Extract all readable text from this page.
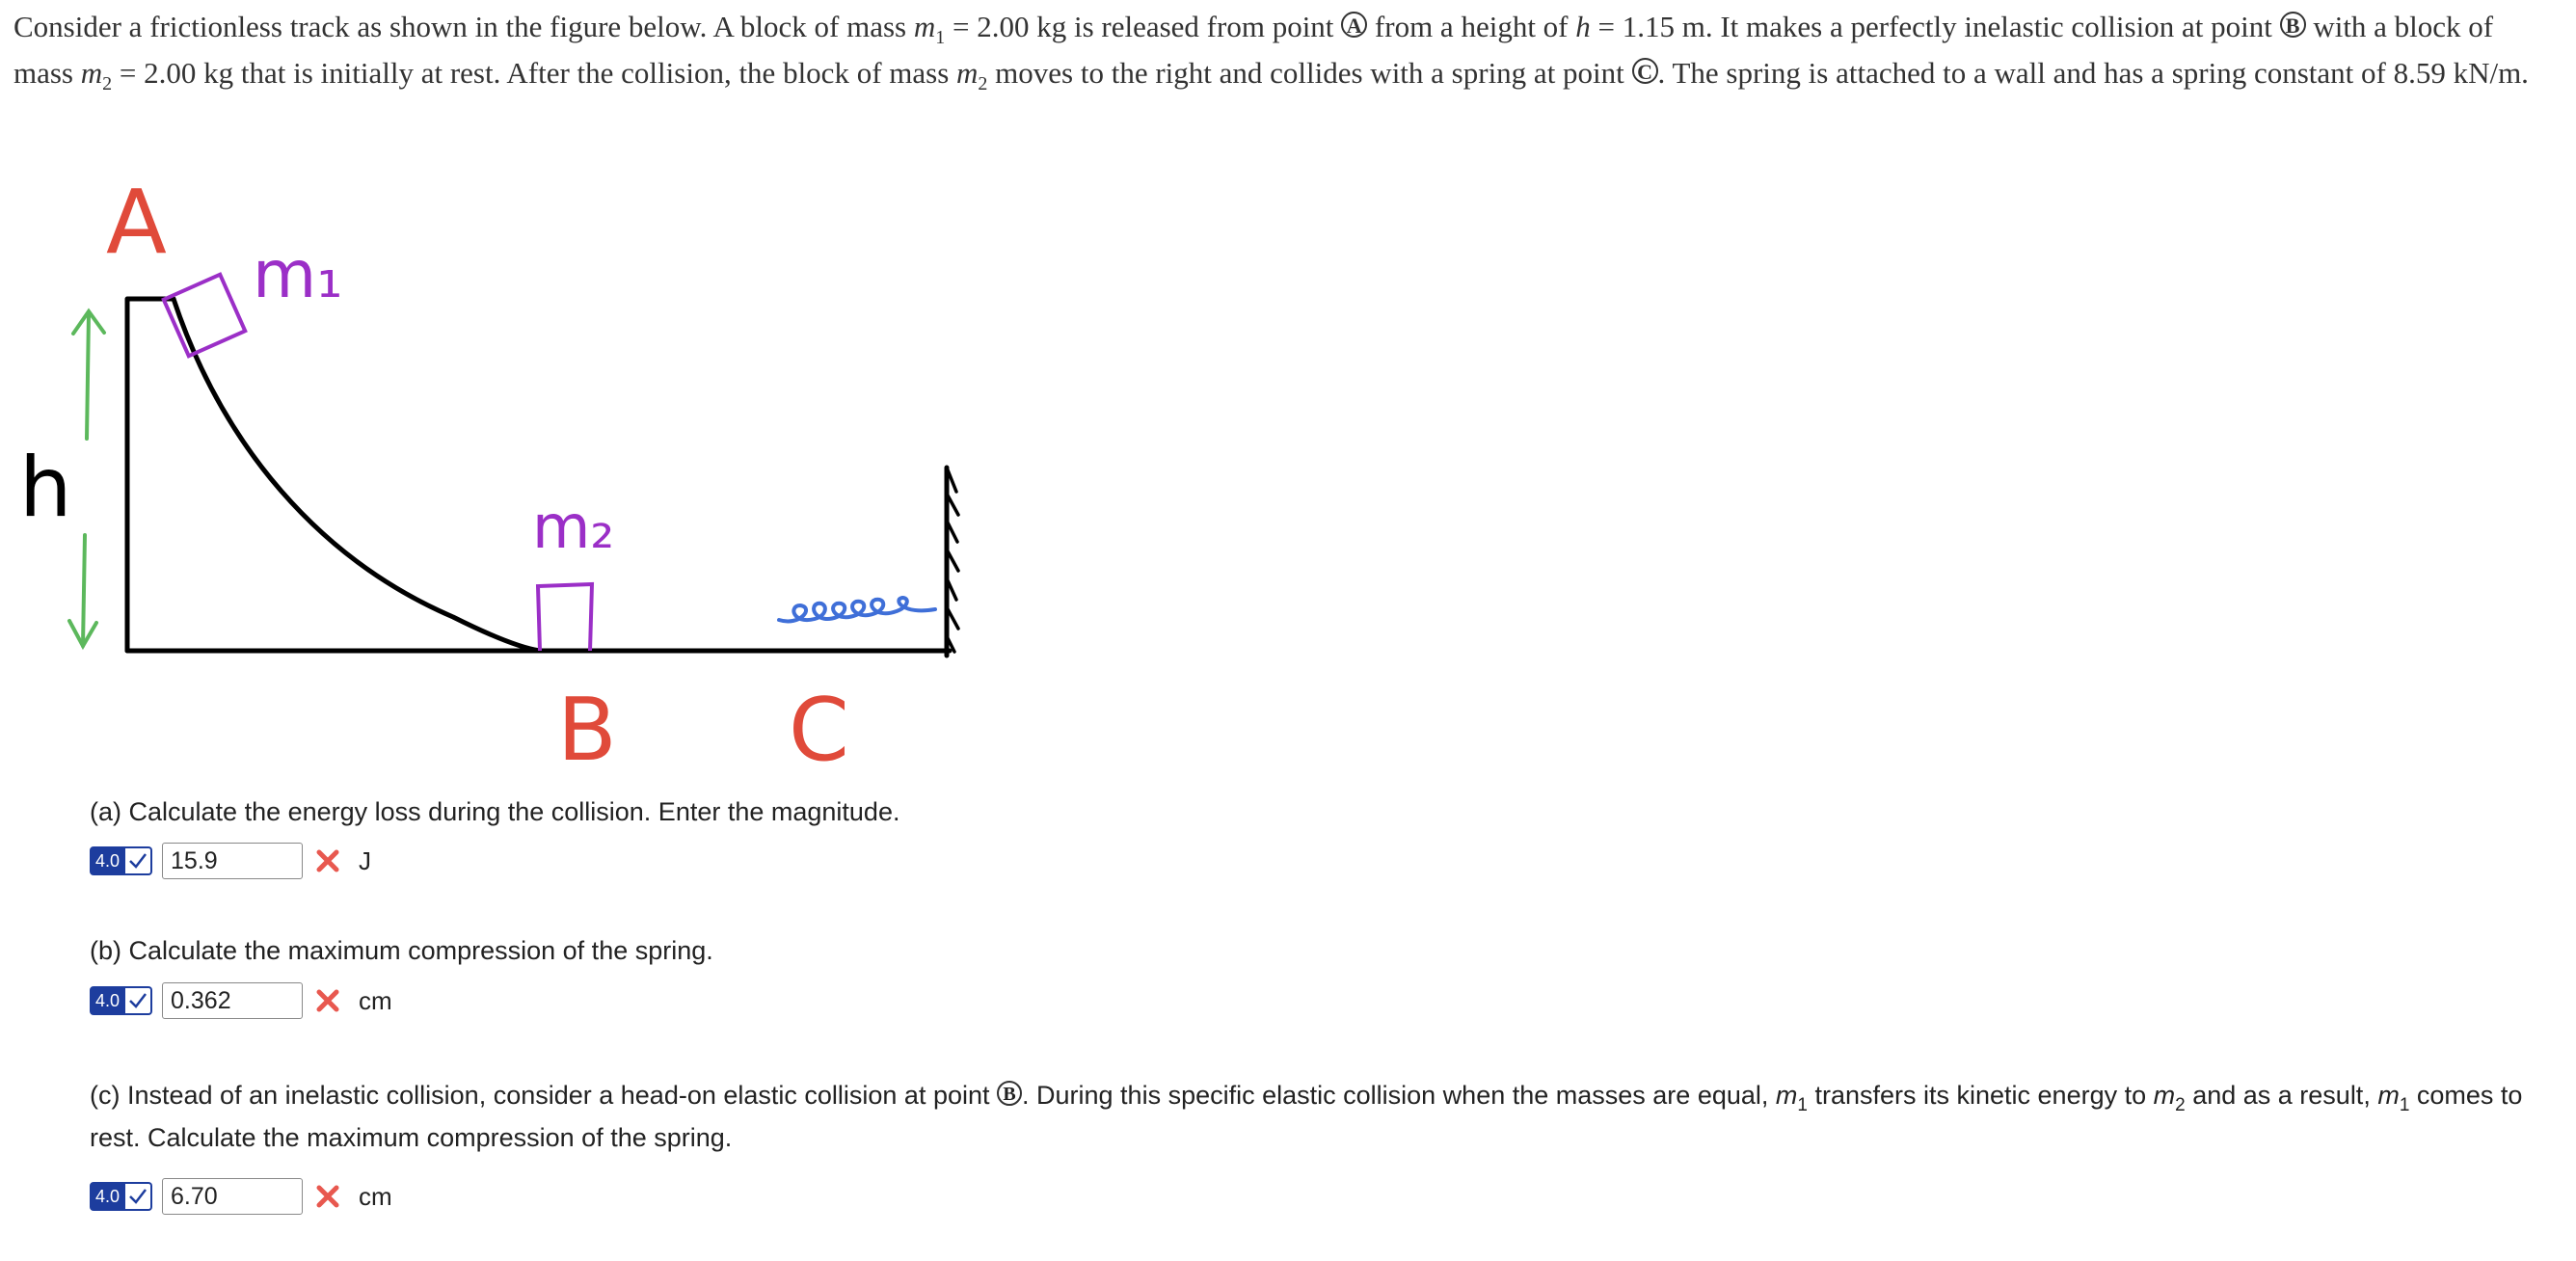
Consider a frictionless track as shown in the figure below. A block of mass $m_1 = 2.00$ kg is released from point A from a height of h = 1.15 m. It makes a perfectly inelastic collision at point B with a block of mass $m_2 = 2.00$ kg that is initially at rest. After the collision, the block of mass $m_2$ moves to the right and collides with a spring at point C . The spring is attached to a wall and has a spring constant of 8.59 kN/m.
A
m₁
h	m₂
B C
(a) Calculate the energy loss during the collision. Enter the magnitude.
4.0
15.9	J
(b) Calculate the maximum compression of the spring.
4.0
0.362	cm
(c) Instead of an inelastic collision, consider a head-on elastic collision at point B . During this specific elastic collision when the masses are equal, $m_1$ transfers its kinetic energy to $m_2$ and as a result, $m_1$ comes to rest. Calculate the maximum compression of the spring.
4.0
6.70	cm
